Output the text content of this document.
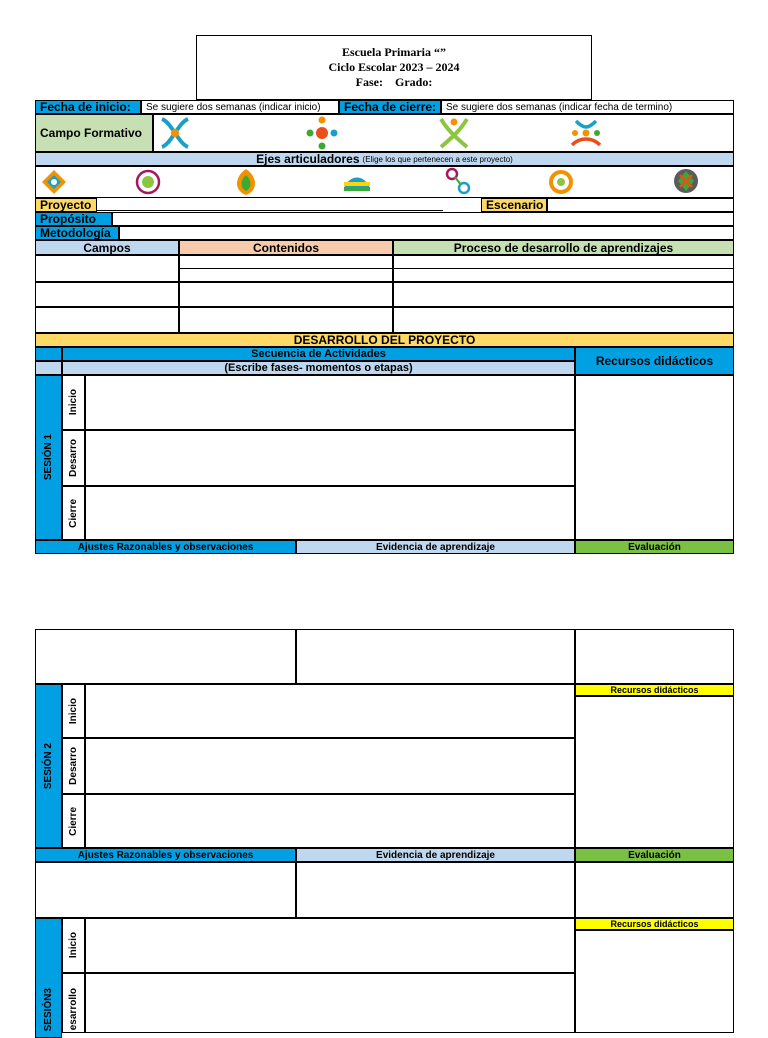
Escuela Primaria “”
Ciclo Escolar 2023 – 2024
Fase:    Grado:
Fecha de inicio:	Se sugiere dos semanas (indicar inicio)	Fecha de cierre: Se sugiere dos semanas (indicar fecha de termino)
Campo Formativo
Ejes articuladores (Elige los que pertenecen a este proyecto)
Proyecto	Escenario
Propósito
Metodología
Campos	Contenidos	Proceso de desarrollo de aprendizajes
DESARROLLO DEL PROYECTO
Secuencia de Actividades
(Escribe fases- momentos o etapas)	Recursos didácticos
SESIÓN 1
Inicio
Desarro
Cierre
Ajustes Razonables y observaciones	Evidencia de aprendizaje	Evaluación
SESIÓN 2
Inicio
Desarro
Cierre
Recursos didácticos
Ajustes Razonables y observaciones	Evidencia de aprendizaje	Evaluación
SESIÓN3
Inicio
esarrollo
Recursos didácticos
